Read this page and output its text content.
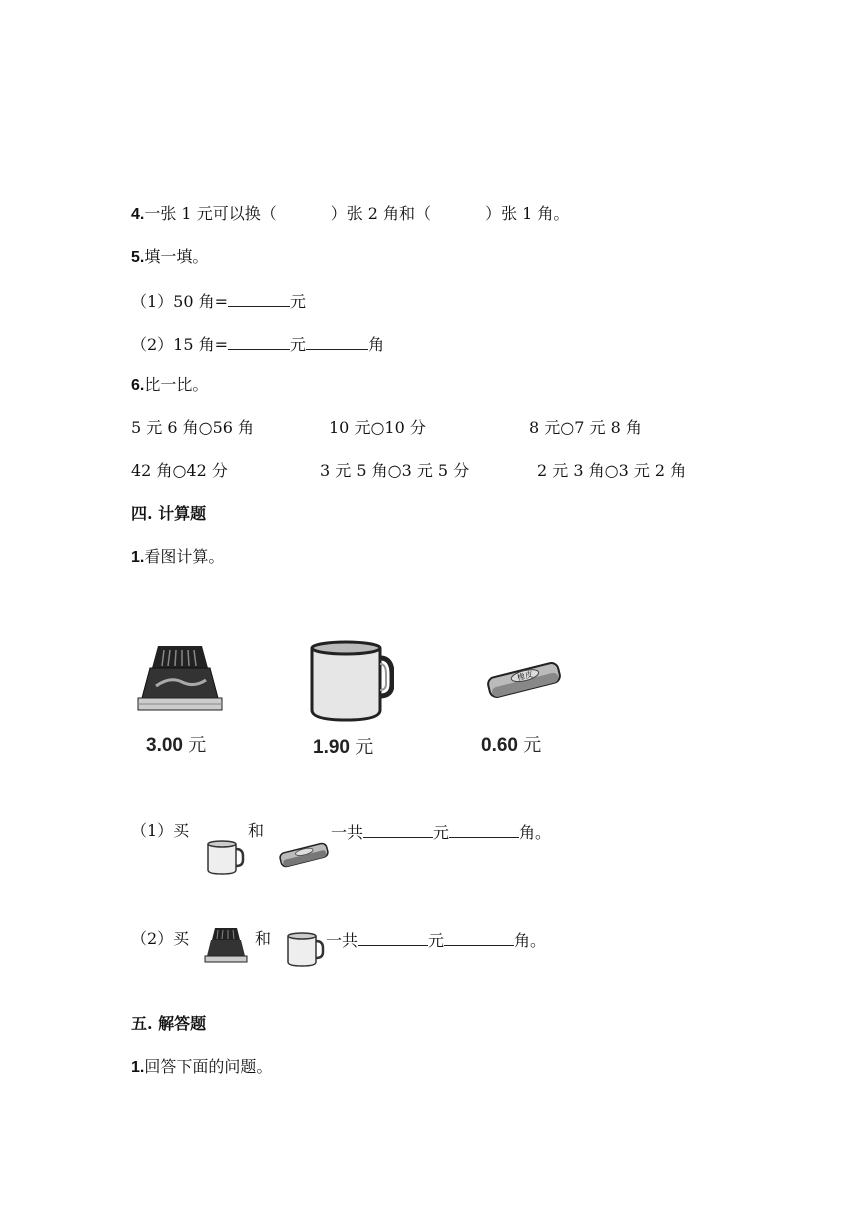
4.一张 1 元可以换（	）张 2 角和（	）张 1 角。
5.填一填。
（1）50 角=	元
（2）15 角=	元	角
6.比一比。
5 元 6 角○56 角	10 元○10 分	8 元○7 元 8 角
42 角○42 分	3 元 5 角○3 元 5 分	2 元 3 角○3 元 2 角
四. 计算题
1.看图计算。
3.00 元	1.90 元
橡皮
0.60 元
（1）买	和	一共	元	角。
（2）买	和	一共	元	角。
五. 解答题
1.回答下面的问题。
